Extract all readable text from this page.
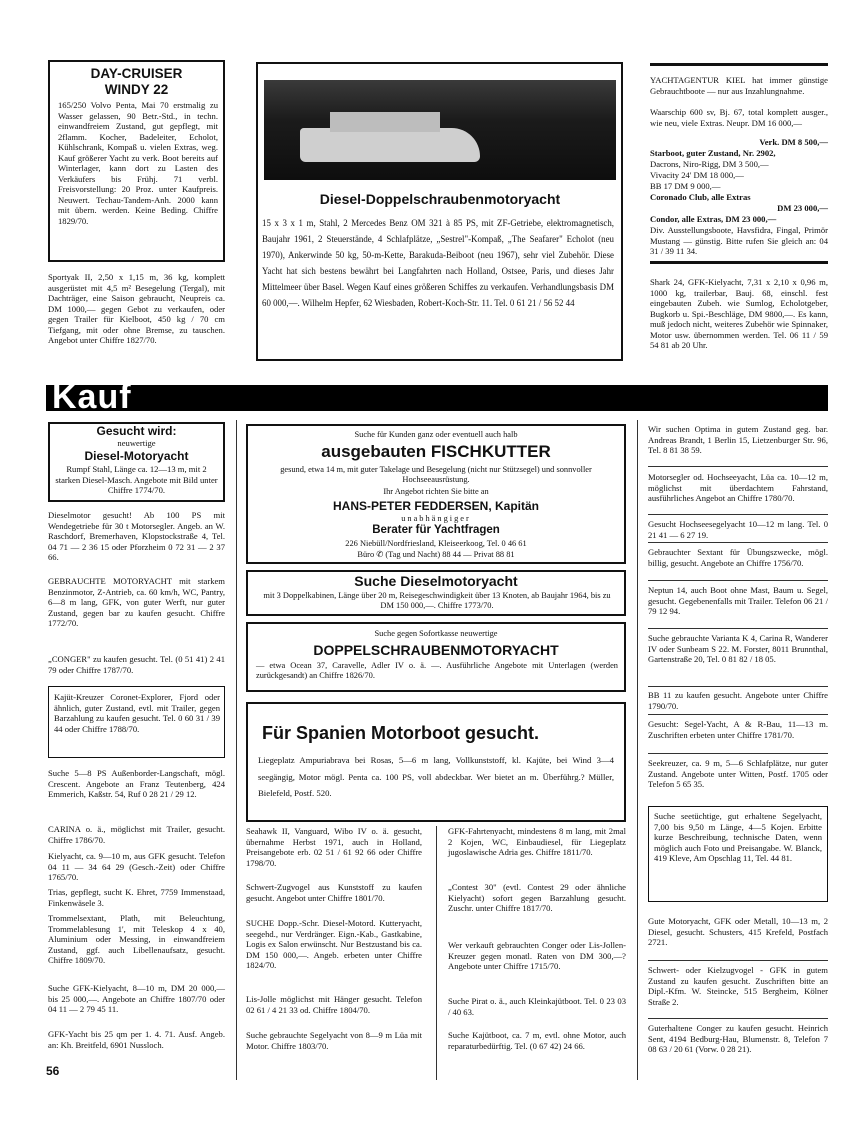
DAY-CRUISER
WINDY 22
165/250 Volvo Penta, Mai 70 erstmalig zu Wasser gelassen, 90 Betr.-Std., in techn. einwandfreiem Zustand, gut gepflegt, mit 2flamm. Kocher, Badeleiter, Echolot, Kühlschrank, Kompaß u. vielen Extras, weg. Kauf größerer Yacht zu verk. Boot bereits auf Winterlager, kann dort zu Lasten des Verkäufers bis Frühj. 71 verbl. Freisvorstellung: 20 Proz. unter Kaufpreis. Neuwert. Techau-Tandem-Anh. 2000 kann mit übern. werden. Keine Beding. Chiffre 1829/70.
Sportyak II, 2,50 x 1,15 m, 36 kg, komplett ausgerüstet mit 4,5 m² Besegelung (Tergal), mit Dachträger, eine Saison gebraucht, Neupreis ca. DM 1000,— gegen Gebot zu verkaufen, oder gegen Trailer für Kielboot, 450 kg / 70 cm Tiefgang, mit oder ohne Bremse, zu tauschen. Angebot unter Chiffre 1827/70.
Diesel-Doppelschraubenmotoryacht
15 x 3 x 1 m, Stahl, 2 Mercedes Benz OM 321 à 85 PS, mit ZF-Getriebe, elektromagnetisch, Baujahr 1961, 2 Steuerstände, 4 Schlafplätze, „Sestrel"-Kompaß, „The Seafarer" Echolot (neu 1970), Ankerwinde 50 kg, 50-m-Kette, Barakuda-Beiboot (neu 1967), sehr viel Zubehör. Diese Yacht hat sich bestens bewährt bei Langfahrten nach Holland, Ostsee, Paris, und dieses Jahr Mittelmeer über Basel. Wegen Kauf eines größeren Schiffes zu verkaufen. Verhandlungsbasis DM 60 000,—. Wilhelm Hepfer, 62 Wiesbaden, Robert-Koch-Str. 11. Tel. 0 61 21 / 56 52 44
YACHTAGENTUR KIEL hat immer günstige Gebrauchtboote — nur aus Inzahlungnahme.
Waarschip 600 sv, Bj. 67, total komplett ausger., wie neu, viele Extras. Neupr. DM 16 000,—
Verk. DM 8 500,—
Starboot, guter Zustand, Nr. 2902,
Dacrons, Niro-Rigg, DM 3 500,—
Vivacity 24' DM 18 000,—
BB 17 DM 9 000,—
Coronado Club, alle Extras
DM 23 000,—
Condor, alle Extras, DM 23 000,—
Div. Ausstellungsboote, Havsfidra, Fingal, Primör Mustang — günstig. Bitte rufen Sie gleich an: 04 31 / 39 11 34.
Shark 24, GFK-Kielyacht, 7,31 x 2,10 x 0,96 m, 1000 kg, trailerbar, Bauj. 68, einschl. fest eingebauten Zubeh. wie Sumlog, Echolotgeber, Bugkorb u. Spi.-Beschläge, DM 9800,—. Es kann, muß jedoch nicht, weiteres Zubehör wie Spinnaker, Motor usw. übernommen werden. Tel. 06 11 / 59 54 81 ab 20 Uhr.
Kauf
Gesucht wird:
neuwertige
Diesel-Motoryacht
Rumpf Stahl, Länge ca. 12—13 m, mit 2 starken Diesel-Masch. Angebote mit Bild unter Chiffre 1774/70.
Dieselmotor gesucht! Ab 100 PS mit Wendegetriebe für 30 t Motorsegler. Angeb. an W. Raschdorf, Bremerhaven, Klopstockstraße 4, Tel. 04 71 — 2 36 15 oder Pforzheim 0 72 31 — 2 37 66.
GEBRAUCHTE MOTORYACHT mit starkem Benzinmotor, Z-Antrieb, ca. 60 km/h, WC, Pantry, 6—8 m lang, GFK, von guter Werft, nur guter Zustand, gegen bar zu kaufen gesucht. Chiffre 1772/70.
„CONGER" zu kaufen gesucht. Tel. (0 51 41) 2 41 79 oder Chiffre 1787/70.
Kajüt-Kreuzer Coronet-Explorer, Fjord oder ähnlich, guter Zustand, evtl. mit Trailer, gegen Barzahlung zu kaufen gesucht. Tel. 0 60 31 / 39 44 oder Chiffre 1788/70.
Suche 5—8 PS Außenborder-Langschaft, mögl. Crescent. Angebote an Franz Teutenberg, 424 Emmerich, Kaßstr. 54, Ruf 0 28 21 / 29 12.
CARINA o. ä., möglichst mit Trailer, gesucht. Chiffre 1786/70.
Kielyacht, ca. 9—10 m, aus GFK gesucht. Telefon 04 11 — 34 64 29 (Gesch.-Zeit) oder Chiffre 1765/70.
Trias, gepflegt, sucht K. Ehret, 7759 Immenstaad, Finkenwäsele 3.
Trommelsextant, Plath, mit Beleuchtung, Trommelablesung 1', mit Teleskop 4 x 40, Aluminium oder Messing, in einwandfreiem Zustand, ggf. auch Libellenaufsatz, gesucht. Chiffre 1809/70.
Suche GFK-Kielyacht, 8—10 m, DM 20 000,— bis 25 000,—. Angebote an Chiffre 1807/70 oder 04 11 — 2 79 45 11.
GFK-Yacht bis 25 qm per 1. 4. 71. Ausf. Angeb. an: Kh. Breitfeld, 6901 Nussloch.
56
Suche für Kunden ganz oder eventuell auch halb
ausgebauten FISCHKUTTER
gesund, etwa 14 m, mit guter Takelage und Besegelung (nicht nur Stützsegel) und sonnvoller Hochseeausrüstung.
Ihr Angebot richten Sie bitte an
HANS-PETER FEDDERSEN, Kapitän
unabhängiger
Berater für Yachtfragen
226 Niebüll/Nordfriesland, Kleiseerkoog, Tel. 0 46 61
Büro ✆ (Tag und Nacht) 88 44 — Privat 88 81
Suche Dieselmotoryacht
mit 3 Doppelkabinen, Länge über 20 m, Reisegeschwindigkeit über 13 Knoten, ab Baujahr 1964, bis zu DM 150 000,—. Chiffre 1773/70.
Suche gegen Sofortkasse neuwertige
DOPPELSCHRAUBENMOTORYACHT
— etwa Ocean 37, Caravelle, Adler IV o. ä. —. Ausführliche Angebote mit Unterlagen (werden zurückgesandt) an Chiffre 1826/70.
Für Spanien Motorboot gesucht.
Liegeplatz Ampuriabrava bei Rosas, 5—6 m lang, Vollkunststoff, kl. Kajüte, bei Wind 3—4 seegängig, Motor mögl. Penta ca. 100 PS, voll abdeckbar. Wer bietet an m. Überführg.? Müller, Bielefeld, Postf. 520.
Seahawk II, Vanguard, Wibo IV o. ä. gesucht, übernahme Herbst 1971, auch in Holland, Preisangebote erb. 02 51 / 61 92 66 oder Chiffre 1798/70.
Schwert-Zugvogel aus Kunststoff zu kaufen gesucht. Angebot unter Chiffre 1801/70.
SUCHE Dopp.-Schr. Diesel-Motord. Kutteryacht, seegehd., nur Verdränger. Eign.-Kab., Gastkabine, Logis ex Salon erwünscht. Nur Bestzustand bis ca. DM 150 000,—. Angeb. erbeten unter Chiffre 1824/70.
Lis-Jolle möglichst mit Hänger gesucht. Telefon 02 61 / 4 21 33 od. Chiffre 1804/70.
Suche gebrauchte Segelyacht von 8—9 m Lüa mit Motor. Chiffre 1803/70.
GFK-Fahrtenyacht, mindestens 8 m lang, mit 2mal 2 Kojen, WC, Einbaudiesel, für Liegeplatz jugoslawische Adria ges. Chiffre 1811/70.
„Contest 30" (evtl. Contest 29 oder ähnliche Kielyacht) sofort gegen Barzahlung gesucht. Zuschr. unter Chiffre 1817/70.
Wer verkauft gebrauchten Conger oder Lis-Jollen-Kreuzer gegen monatl. Raten von DM 300,—? Angebote unter Chiffre 1715/70.
Suche Pirat o. ä., auch Kleinkajütboot. Tel. 0 23 03 / 40 63.
Suche Kajütboot, ca. 7 m, evtl. ohne Motor, auch reparaturbedürftig. Tel. (0 67 42) 24 66.
Wir suchen Optima in gutem Zustand geg. bar. Andreas Brandt, 1 Berlin 15, Lietzenburger Str. 96, Tel. 8 81 38 59.
Motorsegler od. Hochseeyacht, Lüa ca. 10—12 m, möglichst mit überdachtem Fahrstand, ausführliches Angebot an Chiffre 1780/70.
Gesucht Hochseesegelyacht 10—12 m lang. Tel. 0 21 41 — 6 27 19.
Gebrauchter Sextant für Übungszwecke, mögl. billig, gesucht. Angebote an Chiffre 1756/70.
Neptun 14, auch Boot ohne Mast, Baum u. Segel, gesucht. Gegebenenfalls mit Trailer. Telefon 06 21 / 79 12 94.
Suche gebrauchte Varianta K 4, Carina R, Wanderer IV oder Sunbeam S 22. M. Forster, 8011 Brunnthal, Gartenstraße 20, Tel. 0 81 82 / 18 05.
BB 11 zu kaufen gesucht. Angebote unter Chiffre 1790/70.
Gesucht: Segel-Yacht, A & R-Bau, 11—13 m. Zuschriften erbeten unter Chiffre 1781/70.
Seekreuzer, ca. 9 m, 5—6 Schlafplätze, nur guter Zustand. Angebote unter Witten, Postf. 1705 oder Telefon 5 65 35.
Suche seetüchtige, gut erhaltene Segelyacht, 7,00 bis 9,50 m Länge, 4—5 Kojen. Erbitte kurze Beschreibung, technische Daten, wenn möglich auch Foto und Preisangabe. W. Blanck, 419 Kleve, Am Opschlag 11, Tel. 44 81.
Gute Motoryacht, GFK oder Metall, 10—13 m, 2 Diesel, gesucht. Schusters, 415 Krefeld, Postfach 2721.
Schwert- oder Kielzugvogel - GFK in gutem Zustand zu kaufen gesucht. Zuschriften bitte an Dipl.-Kfm. W. Steincke, 515 Bergheim, Kölner Straße 2.
Guterhaltene Conger zu kaufen gesucht. Heinrich Sent, 4194 Bedburg-Hau, Blumenstr. 8, Telefon 7 08 63 / 20 61 (Vorw. 0 28 21).
